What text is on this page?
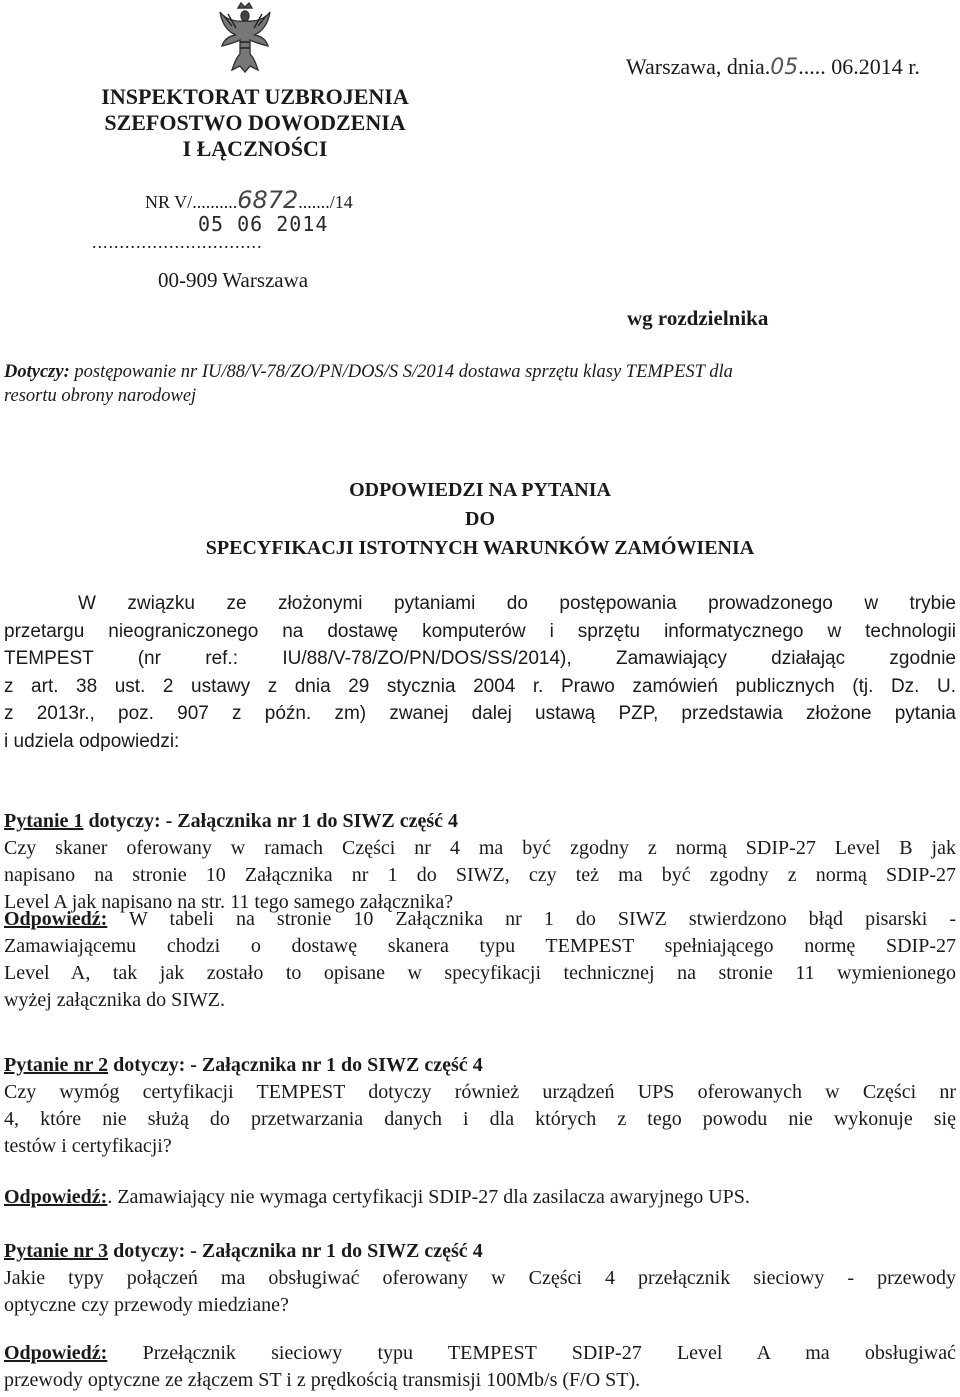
INSPEKTORAT UZBROJENIA
SZEFOSTWO DOWODZENIA
I ŁĄCZNOŚCI
NR V/..........6872......./14
05 06 2014
...............................
00-909 Warszawa
Warszawa, dnia.05..... 06.2014 r.
wg rozdzielnika
Dotyczy: postępowanie nr IU/88/V-78/ZO/PN/DOS/S S/2014 dostawa sprzętu klasy TEMPEST dla
resortu obrony narodowej
ODPOWIEDZI NA PYTANIA
DO
SPECYFIKACJI ISTOTNYCH WARUNKÓW ZAMÓWIENIA
W związku ze złożonymi pytaniami do postępowania prowadzonego w trybie
przetargu nieograniczonego na dostawę komputerów i sprzętu informatycznego w technologii
TEMPEST (nr ref.: IU/88/V-78/ZO/PN/DOS/SS/2014), Zamawiający działając zgodnie
z art. 38 ust. 2 ustawy z dnia 29 stycznia 2004 r. Prawo zamówień publicznych (tj. Dz. U.
z 2013r., poz. 907 z późn. zm) zwanej dalej ustawą PZP, przedstawia złożone pytania
i udziela odpowiedzi:
Pytanie 1 dotyczy: - Załącznika nr 1 do SIWZ część 4
Czy skaner oferowany w ramach Części nr 4 ma być zgodny z normą SDIP-27 Level B jak
napisano na stronie 10 Załącznika nr 1 do SIWZ, czy też ma być zgodny z normą SDIP-27
Level A jak napisano na str. 11 tego samego załącznika?
Odpowiedź: W tabeli na stronie 10 Załącznika nr 1 do SIWZ stwierdzono błąd pisarski -
Zamawiającemu chodzi o dostawę skanera typu TEMPEST spełniającego normę SDIP-27
Level A, tak jak zostało to opisane w specyfikacji technicznej na stronie 11 wymienionego
wyżej załącznika do SIWZ.
Pytanie nr 2 dotyczy: - Załącznika nr 1 do SIWZ część 4
Czy wymóg certyfikacji TEMPEST dotyczy również urządzeń UPS oferowanych w Części nr
4, które nie służą do przetwarzania danych i dla których z tego powodu nie wykonuje się
testów i certyfikacji?
Odpowiedź:. Zamawiający nie wymaga certyfikacji SDIP-27 dla zasilacza awaryjnego UPS.
Pytanie nr 3 dotyczy: - Załącznika nr 1 do SIWZ część 4
Jakie typy połączeń ma obsługiwać oferowany w Części 4 przełącznik sieciowy - przewody
optyczne czy przewody miedziane?
Odpowiedź: Przełącznik sieciowy typu TEMPEST SDIP-27 Level A ma obsługiwać
przewody optyczne ze złączem ST i z prędkością transmisji 100Mb/s (F/O ST).
